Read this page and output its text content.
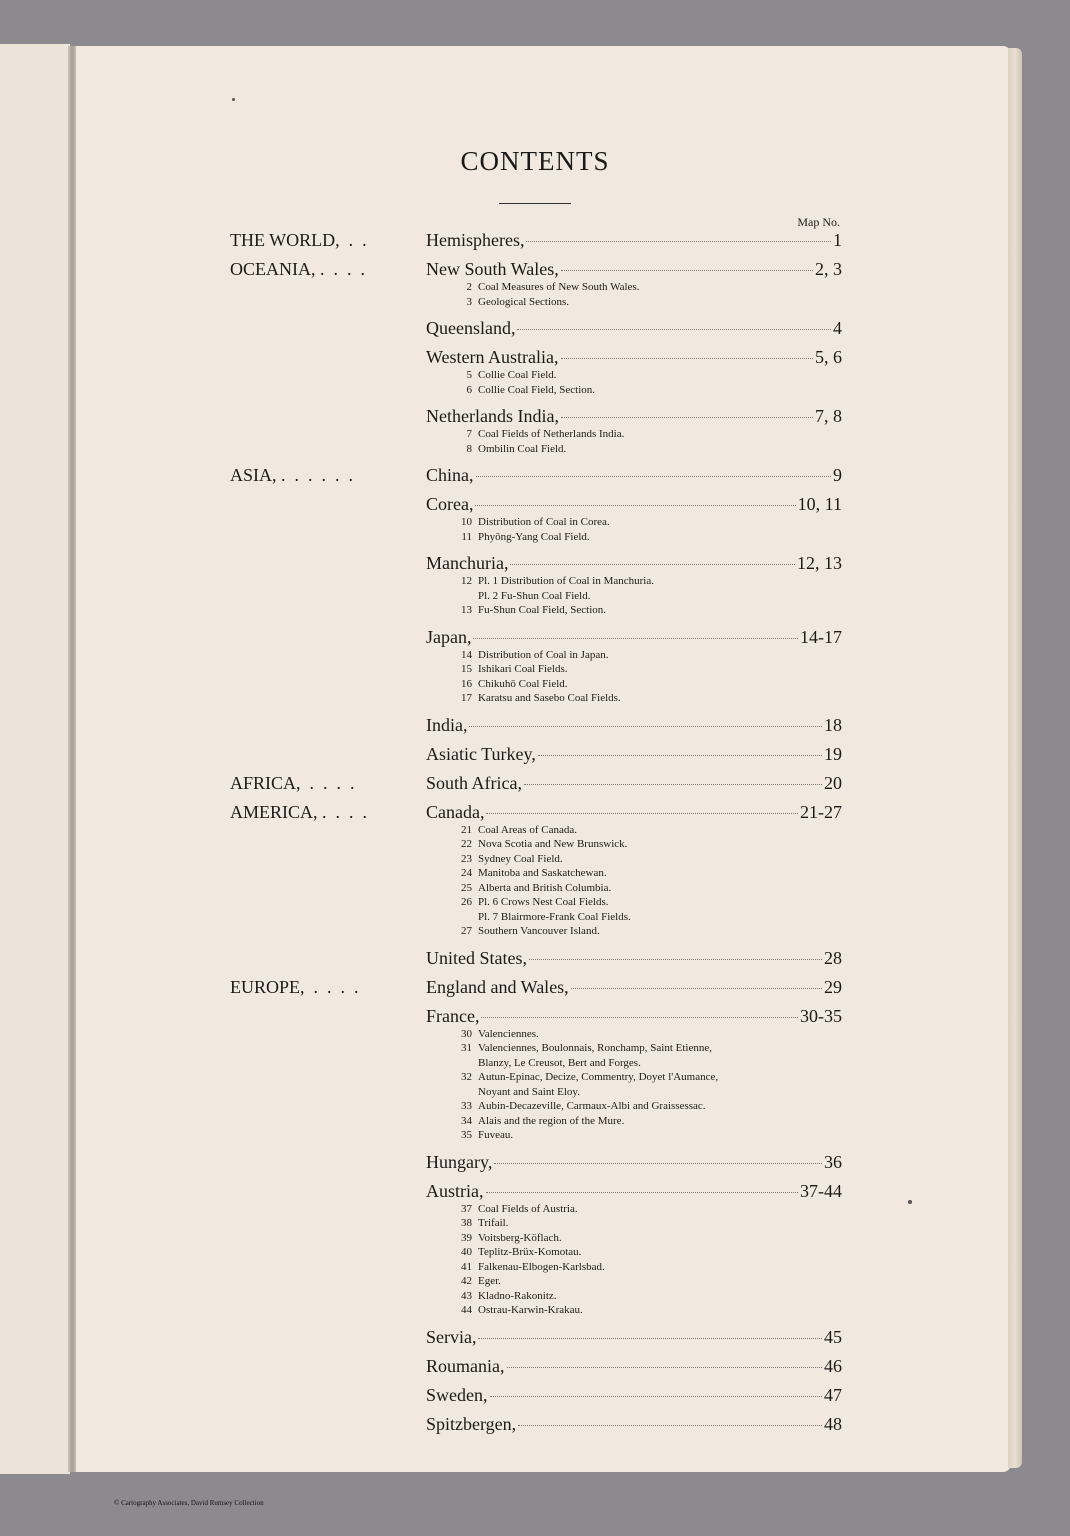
CONTENTS
Map No.
THE WORLD,  .  .	Hemispheres,	1
OCEANIA, .  .  .  .	New South Wales,	2, 3
2 Coal Measures of New South Wales.
3 Geological Sections.
Queensland,	4
Western Australia,	5, 6
5 Collie Coal Field.
6 Collie Coal Field, Section.
Netherlands India,	7, 8
7 Coal Fields of Netherlands India.
8 Ombilin Coal Field.
ASIA, .  .  .  .  .  .	China,	9
Corea,	10, 11
10 Distribution of Coal in Corea.
11 Phyŏng-Yang Coal Field.
Manchuria,	12, 13
12 Pl. 1 Distribution of Coal in Manchuria.
Pl. 2 Fu-Shun Coal Field.
13 Fu-Shun Coal Field, Section.
Japan,	14-17
14 Distribution of Coal in Japan.
15 Ishikari Coal Fields.
16 Chikuhō Coal Field.
17 Karatsu and Sasebo Coal Fields.
India,	18
Asiatic Turkey,	19
AFRICA,  .  .  .  .	South Africa,	20
AMERICA, .  .  .  .	Canada,	21-27
21 Coal Areas of Canada.
22 Nova Scotia and New Brunswick.
23 Sydney Coal Field.
24 Manitoba and Saskatchewan.
25 Alberta and British Columbia.
26 Pl. 6 Crows Nest Coal Fields.
Pl. 7 Blairmore-Frank Coal Fields.
27 Southern Vancouver Island.
United States,	28
EUROPE,  .  .  .  .	England and Wales,	29
France,	30-35
30 Valenciennes.
31 Valenciennes, Boulonnais, Ronchamp, Saint Etienne,
Blanzy, Le Creusot, Bert and Forges.
32 Autun-Epinac, Decize, Commentry, Doyet l'Aumance,
Noyant and Saint Eloy.
33 Aubin-Decazeville, Carmaux-Albi and Graissessac.
34 Alais and the region of the Mure.
35 Fuveau.
Hungary,	36
Austria,	37-44
37 Coal Fields of Austria.
38 Trifail.
39 Voitsberg-Köflach.
40 Teplitz-Brüx-Komotau.
41 Falkenau-Elbogen-Karlsbad.
42 Eger.
43 Kladno-Rakonitz.
44 Ostrau-Karwin-Krakau.
Servia,	45
Roumania,	46
Sweden,	47
Spitzbergen,	48
© Cartography Associates, David Rumsey Collection
